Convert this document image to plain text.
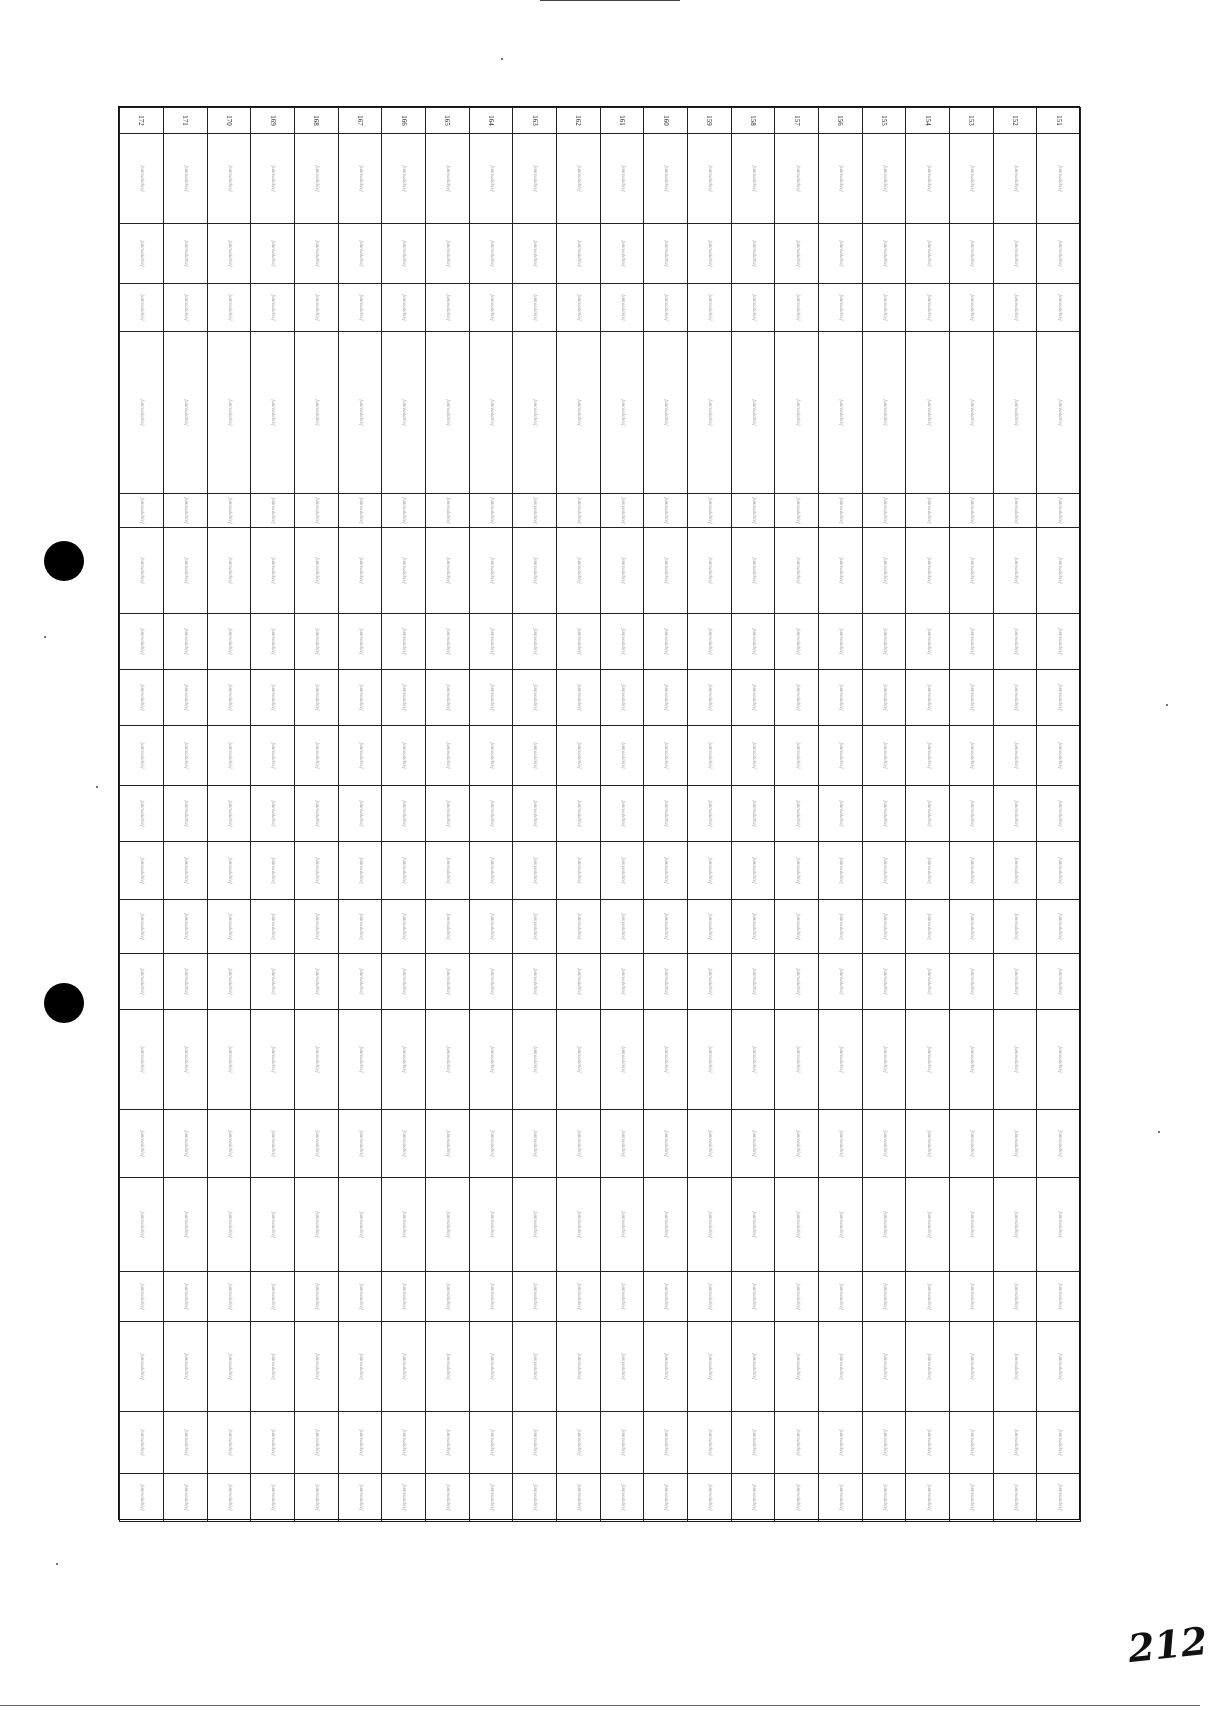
151	[unreadable]	[unreadable]	[unreadable]	[unreadable]	[unreadable]	[unreadable]	[unreadable]	[unreadable]	[unreadable]	[unreadable]	[unreadable]	[unreadable]	[unreadable]	[unreadable]	[unreadable]	[unreadable]	[unreadable]	[unreadable]	[unreadable]	[unreadable]

152	[unreadable]	[unreadable]	[unreadable]	[unreadable]	[unreadable]	[unreadable]	[unreadable]	[unreadable]	[unreadable]	[unreadable]	[unreadable]	[unreadable]	[unreadable]	[unreadable]	[unreadable]	[unreadable]	[unreadable]	[unreadable]	[unreadable]	[unreadable]

153	[unreadable]	[unreadable]	[unreadable]	[unreadable]	[unreadable]	[unreadable]	[unreadable]	[unreadable]	[unreadable]	[unreadable]	[unreadable]	[unreadable]	[unreadable]	[unreadable]	[unreadable]	[unreadable]	[unreadable]	[unreadable]	[unreadable]	[unreadable]

154	[unreadable]	[unreadable]	[unreadable]	[unreadable]	[unreadable]	[unreadable]	[unreadable]	[unreadable]	[unreadable]	[unreadable]	[unreadable]	[unreadable]	[unreadable]	[unreadable]	[unreadable]	[unreadable]	[unreadable]	[unreadable]	[unreadable]	[unreadable]

155	[unreadable]	[unreadable]	[unreadable]	[unreadable]	[unreadable]	[unreadable]	[unreadable]	[unreadable]	[unreadable]	[unreadable]	[unreadable]	[unreadable]	[unreadable]	[unreadable]	[unreadable]	[unreadable]	[unreadable]	[unreadable]	[unreadable]	[unreadable]

156	[unreadable]	[unreadable]	[unreadable]	[unreadable]	[unreadable]	[unreadable]	[unreadable]	[unreadable]	[unreadable]	[unreadable]	[unreadable]	[unreadable]	[unreadable]	[unreadable]	[unreadable]	[unreadable]	[unreadable]	[unreadable]	[unreadable]	[unreadable]

157	[unreadable]	[unreadable]	[unreadable]	[unreadable]	[unreadable]	[unreadable]	[unreadable]	[unreadable]	[unreadable]	[unreadable]	[unreadable]	[unreadable]	[unreadable]	[unreadable]	[unreadable]	[unreadable]	[unreadable]	[unreadable]	[unreadable]	[unreadable]

158	[unreadable]	[unreadable]	[unreadable]	[unreadable]	[unreadable]	[unreadable]	[unreadable]	[unreadable]	[unreadable]	[unreadable]	[unreadable]	[unreadable]	[unreadable]	[unreadable]	[unreadable]	[unreadable]	[unreadable]	[unreadable]	[unreadable]	[unreadable]

159	[unreadable]	[unreadable]	[unreadable]	[unreadable]	[unreadable]	[unreadable]	[unreadable]	[unreadable]	[unreadable]	[unreadable]	[unreadable]	[unreadable]	[unreadable]	[unreadable]	[unreadable]	[unreadable]	[unreadable]	[unreadable]	[unreadable]	[unreadable]

160	[unreadable]	[unreadable]	[unreadable]	[unreadable]	[unreadable]	[unreadable]	[unreadable]	[unreadable]	[unreadable]	[unreadable]	[unreadable]	[unreadable]	[unreadable]	[unreadable]	[unreadable]	[unreadable]	[unreadable]	[unreadable]	[unreadable]	[unreadable]

161	[unreadable]	[unreadable]	[unreadable]	[unreadable]	[unreadable]	[unreadable]	[unreadable]	[unreadable]	[unreadable]	[unreadable]	[unreadable]	[unreadable]	[unreadable]	[unreadable]	[unreadable]	[unreadable]	[unreadable]	[unreadable]	[unreadable]	[unreadable]

162	[unreadable]	[unreadable]	[unreadable]	[unreadable]	[unreadable]	[unreadable]	[unreadable]	[unreadable]	[unreadable]	[unreadable]	[unreadable]	[unreadable]	[unreadable]	[unreadable]	[unreadable]	[unreadable]	[unreadable]	[unreadable]	[unreadable]	[unreadable]

163	[unreadable]	[unreadable]	[unreadable]	[unreadable]	[unreadable]	[unreadable]	[unreadable]	[unreadable]	[unreadable]	[unreadable]	[unreadable]	[unreadable]	[unreadable]	[unreadable]	[unreadable]	[unreadable]	[unreadable]	[unreadable]	[unreadable]	[unreadable]

164	[unreadable]	[unreadable]	[unreadable]	[unreadable]	[unreadable]	[unreadable]	[unreadable]	[unreadable]	[unreadable]	[unreadable]	[unreadable]	[unreadable]	[unreadable]	[unreadable]	[unreadable]	[unreadable]	[unreadable]	[unreadable]	[unreadable]	[unreadable]

165	[unreadable]	[unreadable]	[unreadable]	[unreadable]	[unreadable]	[unreadable]	[unreadable]	[unreadable]	[unreadable]	[unreadable]	[unreadable]	[unreadable]	[unreadable]	[unreadable]	[unreadable]	[unreadable]	[unreadable]	[unreadable]	[unreadable]	[unreadable]

166	[unreadable]	[unreadable]	[unreadable]	[unreadable]	[unreadable]	[unreadable]	[unreadable]	[unreadable]	[unreadable]	[unreadable]	[unreadable]	[unreadable]	[unreadable]	[unreadable]	[unreadable]	[unreadable]	[unreadable]	[unreadable]	[unreadable]	[unreadable]

167	[unreadable]	[unreadable]	[unreadable]	[unreadable]	[unreadable]	[unreadable]	[unreadable]	[unreadable]	[unreadable]	[unreadable]	[unreadable]	[unreadable]	[unreadable]	[unreadable]	[unreadable]	[unreadable]	[unreadable]	[unreadable]	[unreadable]	[unreadable]

168	[unreadable]	[unreadable]	[unreadable]	[unreadable]	[unreadable]	[unreadable]	[unreadable]	[unreadable]	[unreadable]	[unreadable]	[unreadable]	[unreadable]	[unreadable]	[unreadable]	[unreadable]	[unreadable]	[unreadable]	[unreadable]	[unreadable]	[unreadable]

169	[unreadable]	[unreadable]	[unreadable]	[unreadable]	[unreadable]	[unreadable]	[unreadable]	[unreadable]	[unreadable]	[unreadable]	[unreadable]	[unreadable]	[unreadable]	[unreadable]	[unreadable]	[unreadable]	[unreadable]	[unreadable]	[unreadable]	[unreadable]

170	[unreadable]	[unreadable]	[unreadable]	[unreadable]	[unreadable]	[unreadable]	[unreadable]	[unreadable]	[unreadable]	[unreadable]	[unreadable]	[unreadable]	[unreadable]	[unreadable]	[unreadable]	[unreadable]	[unreadable]	[unreadable]	[unreadable]	[unreadable]

171	[unreadable]	[unreadable]	[unreadable]	[unreadable]	[unreadable]	[unreadable]	[unreadable]	[unreadable]	[unreadable]	[unreadable]	[unreadable]	[unreadable]	[unreadable]	[unreadable]	[unreadable]	[unreadable]	[unreadable]	[unreadable]	[unreadable]	[unreadable]

172	[unreadable]	[unreadable]	[unreadable]	[unreadable]	[unreadable]	[unreadable]	[unreadable]	[unreadable]	[unreadable]	[unreadable]	[unreadable]	[unreadable]	[unreadable]	[unreadable]	[unreadable]	[unreadable]	[unreadable]	[unreadable]	[unreadable]	[unreadable]
212
